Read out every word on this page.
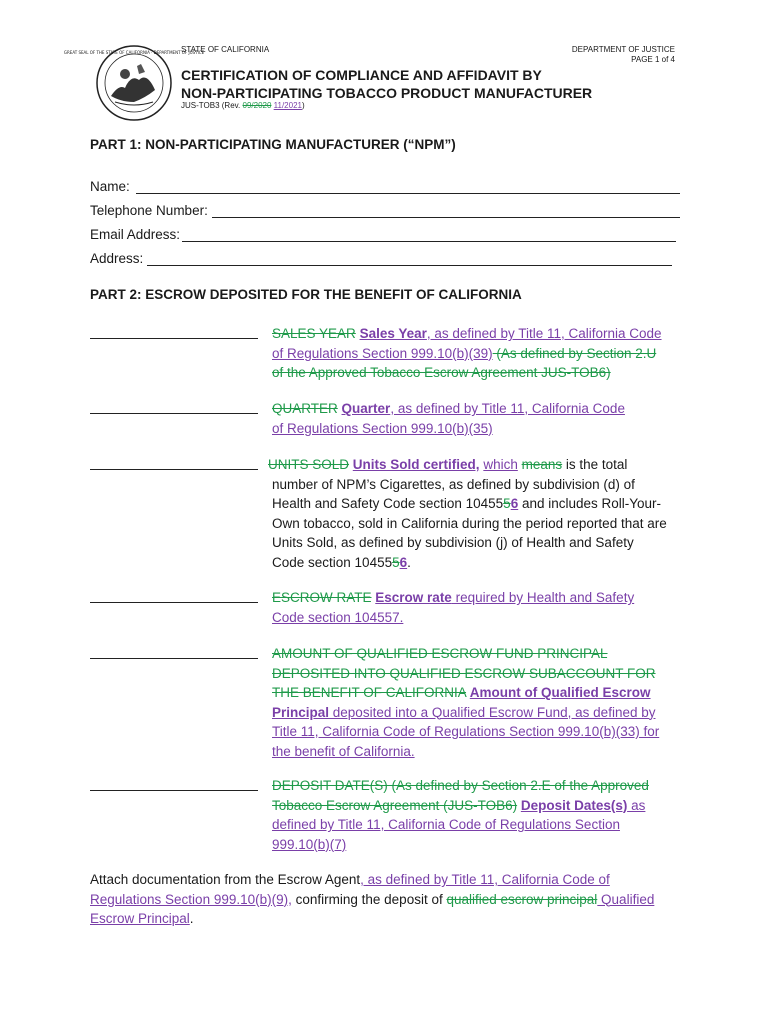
GREAT SEAL OF THE STATE OF CALIFORNIA · DEPARTMENT OF JUSTICE
STATE OF CALIFORNIA	DEPARTMENT OF JUSTICE
PAGE 1 of 4
CERTIFICATION OF COMPLIANCE AND AFFIDAVIT BY
NON-PARTICIPATING TOBACCO PRODUCT MANUFACTURER
JUS-TOB3 (Rev. 09/2020 11/2021)
PART 1: NON-PARTICIPATING MANUFACTURER (“NPM”)
Name:
Telephone Number:
Email Address:
Address:
PART 2: ESCROW DEPOSITED FOR THE BENEFIT OF CALIFORNIA
SALES YEAR Sales Year, as defined by Title 11, California Code
of Regulations Section 999.10(b)(39) (As defined by Section 2.U
of the Approved Tobacco Escrow Agreement JUS-TOB6)
QUARTER Quarter, as defined by Title 11, California Code
of Regulations Section 999.10(b)(35)
UNITS SOLD Units Sold certified, which means is the total
number of NPM’s Cigarettes, as defined by subdivision (d) of
Health and Safety Code section 1045556 and includes Roll-Your-
Own tobacco, sold in California during the period reported that are
Units Sold, as defined by subdivision (j) of Health and Safety
Code section 1045556.
ESCROW RATE Escrow rate required by Health and Safety
Code section 104557.
AMOUNT OF QUALIFIED ESCROW FUND PRINCIPAL
DEPOSITED INTO QUALIFIED ESCROW SUBACCOUNT FOR
THE BENEFIT OF CALIFORNIA Amount of Qualified Escrow
Principal deposited into a Qualified Escrow Fund, as defined by
Title 11, California Code of Regulations Section 999.10(b)(33) for
the benefit of California.
DEPOSIT DATE(S) (As defined by Section 2.E of the Approved
Tobacco Escrow Agreement (JUS-TOB6) Deposit Dates(s) as
defined by Title 11, California Code of Regulations Section
999.10(b)(7)
Attach documentation from the Escrow Agent, as defined by Title 11, California Code of
Regulations Section 999.10(b)(9), confirming the deposit of qualified escrow principal Qualified
Escrow Principal.
